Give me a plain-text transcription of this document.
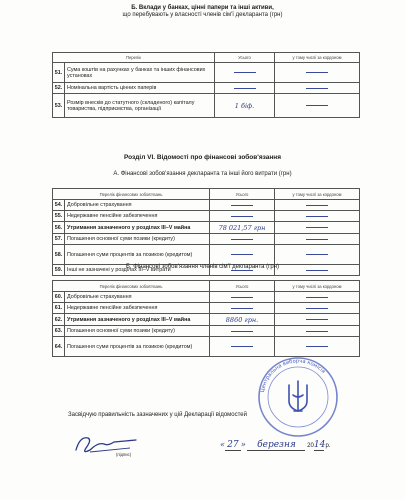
Б. Вклади у банках, цінні папери та інші активи,
що перебувають у власності членів сім'ї декларанта (грн)
Перелік		Усього	у тому числі за кордоном
51.	Сума коштів на рахунках у банках та інших фінансових установах		
52.	Номінальна вартість цінних паперів		
53.	Розмір внесків до статутного (складеного) капіталу товариства, підприємства, організації	1 біф.	
Розділ VI. Відомості про фінансові зобов'язання
А. Фінансові зобов'язання декларанта та інші його витрати (грн)
Перелік фінансових зобов'язань		Усього	у тому числі за кордоном
54.	Добровільне страхування		
55.	Недержавне пенсійне забезпечення		
56.	Утримання зазначеного у розділах III–V майна	78 021,57 грн	
57.	Погашення основної суми позики (кредиту)		
58.	Погашення суми процентів за позикою (кредитом)		
59.	Інші не зазначені у розділах III–V витрати		
Б. Фінансові зобов'язання членів сім'ї декларанта (грн)
Перелік фінансових зобов'язань		Усього	у тому числі за кордоном
60.	Добровільне страхування		
61.	Недержавне пенсійне забезпечення		
62.	Утримання зазначеного у розділах III–V майна	8860 грн.	
63.	Погашення основної суми позики (кредиту)		
64.	Погашення суми процентів за позикою (кредитом)		
Центральна виборча комісія
Засвідчую правильність зазначених у цій Декларації відомостей
(підпис)
« 27 » березня 2014 р.
